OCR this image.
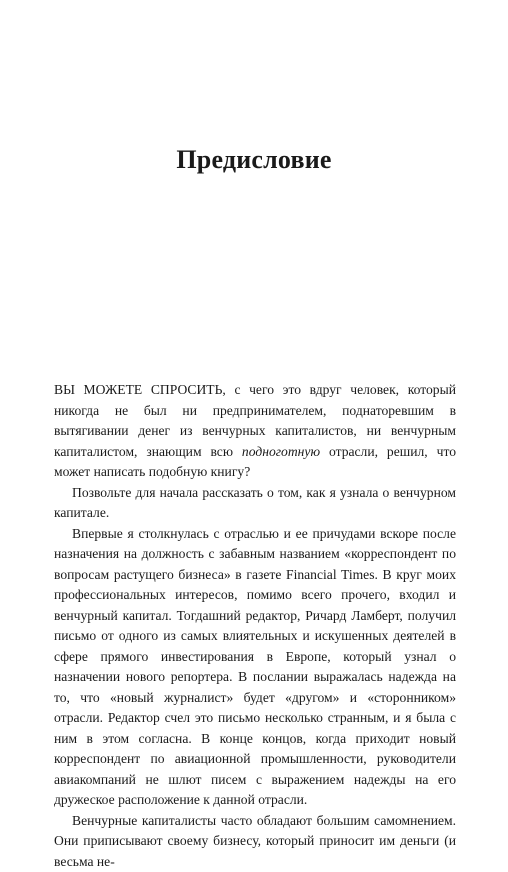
Предисловие

ВЫ МОЖЕТЕ СПРОСИТЬ, с чего это вдруг человек, который никогда не был ни предпринимателем, поднаторевшим в вытягивании денег из венчурных капиталистов, ни венчурным капиталистом, знающим всю подноготную отрасли, решил, что может написать подобную книгу?

Позвольте для начала рассказать о том, как я узнала о венчурном капитале.

Впервые я столкнулась с отраслью и ее причудами вскоре после назначения на должность с забавным названием «корреспондент по вопросам растущего бизнеса» в газете Financial Times. В круг моих профессиональных интересов, помимо всего прочего, входил и венчурный капитал. Тогдашний редактор, Ричард Ламберт, получил письмо от одного из самых влиятельных и искушенных деятелей в сфере прямого инвестирования в Европе, который узнал о назначении нового репортера. В послании выражалась надежда на то, что «новый журналист» будет «другом» и «сторонником» отрасли. Редактор счел это письмо несколько странным, и я была с ним в этом согласна. В конце концов, когда приходит новый корреспондент по авиационной промышленности, руководители авиакомпаний не шлют писем с выражением надежды на его дружеское расположение к данной отрасли.

Венчурные капиталисты часто обладают большим самомнением. Они приписывают своему бизнесу, который приносит им деньги (и весьма не-
